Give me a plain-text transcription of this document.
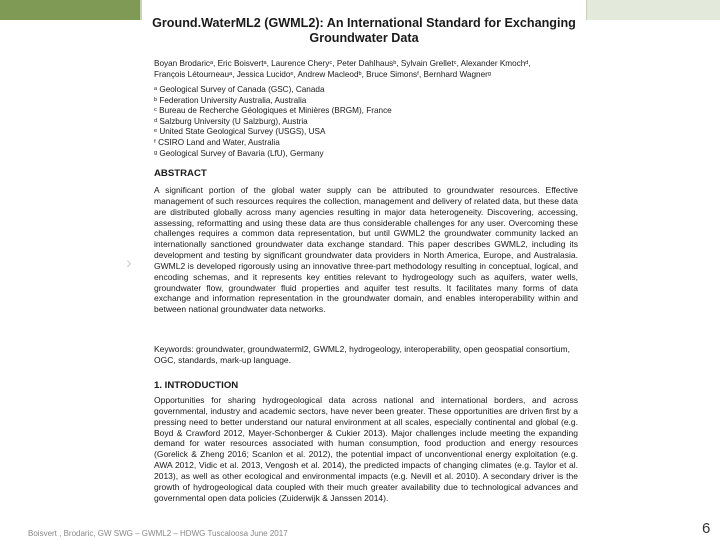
›
Ground.WaterML2 (GWML2): An International Standard for Exchanging
Groundwater Data
Boyan Brodaricᵃ, Eric Boisvertᵃ, Laurence Cheryᶜ, Peter Dahlhausᵇ, Sylvain Grelletᶜ, Alexander Kmochᵈ,
François Létourneauᵃ, Jessica Lucidoᵉ, Andrew Macleodᵇ, Bruce Simonsᶠ, Bernhard Wagnerᵍ
ᵃ Geological Survey of Canada (GSC), Canada
ᵇ Federation University Australia, Australia
ᶜ Bureau de Recherche Géologiques et Minières (BRGM), France
ᵈ Salzburg University (U Salzburg), Austria
ᵉ United State Geological Survey (USGS), USA
ᶠ CSIRO Land and Water, Australia
ᵍ Geological Survey of Bavaria (LfU), Germany
ABSTRACT
A significant portion of the global water supply can be attributed to groundwater resources. Effective management of such resources requires the collection, management and delivery of related data, but these data are distributed globally across many agencies resulting in major data heterogeneity. Discovering, accessing, assessing, reformatting and using these data are thus considerable challenges for any user. Overcoming these challenges requires a common data representation, but until GWML2 the groundwater community lacked an internationally sanctioned groundwater data exchange standard. This paper describes GWML2, including its development and testing by significant groundwater data providers in North America, Europe, and Australasia. GWML2 is developed rigorously using an innovative three-part methodology resulting in conceptual, logical, and encoding schemas, and it represents key entities relevant to hydrogeology such as aquifers, water wells, groundwater flow, groundwater fluid properties and aquifer test results. It facilitates many forms of data exchange and information representation in the groundwater domain, and enables interoperability within and between national groundwater data networks.
Keywords: groundwater, groundwaterml2, GWML2, hydrogeology, interoperability, open geospatial consortium, OGC, standards, mark-up language.
1. INTRODUCTION
Opportunities for sharing hydrogeological data across national and international borders, and across governmental, industry and academic sectors, have never been greater. These opportunities are driven first by a pressing need to better understand our natural environment at all scales, especially continental and global (e.g. Boyd & Crawford 2012, Mayer-Schonberger & Cukier 2013). Major challenges include meeting the expanding demand for water resources associated with human consumption, food production and energy resources (Gorelick & Zheng 2016; Scanlon et al. 2012), the potential impact of unconventional energy exploitation (e.g. AWA 2012, Vidic et al. 2013, Vengosh et al. 2014), the predicted impacts of changing climates (e.g. Taylor et al. 2013), as well as other ecological and environmental impacts (e.g. Nevill et al. 2010). A secondary driver is the growth of hydrogeological data coupled with their much greater availability due to technological advances and governmental open data policies (Zuiderwijk & Janssen 2014).
Boisvert , Brodaric, GW SWG – GWML2 – HDWG Tuscaloosa June 2017	6
